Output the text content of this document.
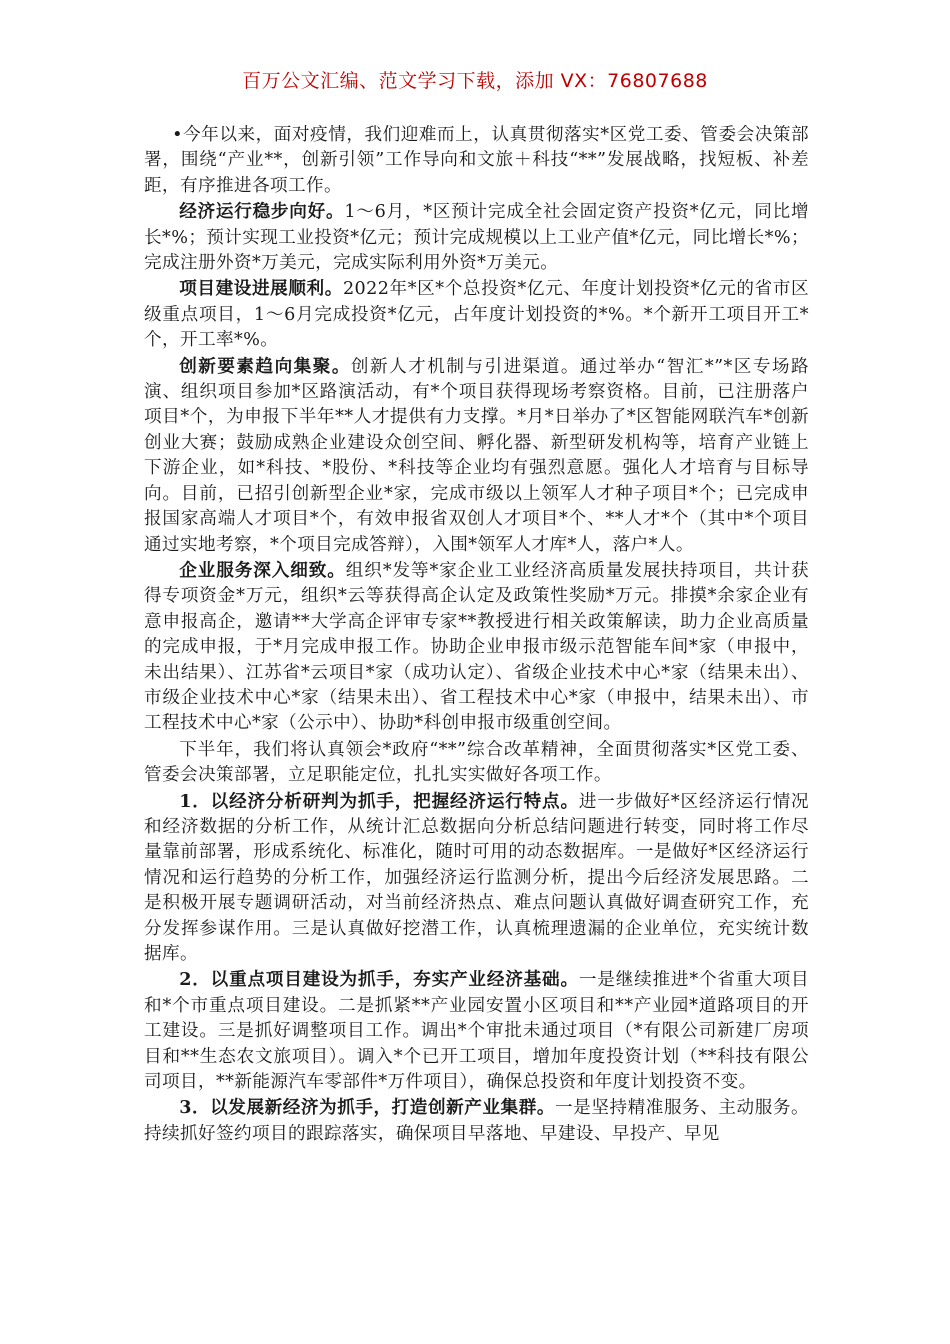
百万公文汇编、范文学习下载，添加 VX：76807688

•今年以来，面对疫情，我们迎难而上，认真贯彻落实*区党工委、管委会决策部署，围绕“产业**，创新引领”工作导向和文旅＋科技“**”发展战略，找短板、补差距，有序推进各项工作。

经济运行稳步向好。1～6月，*区预计完成全社会固定资产投资*亿元，同比增长*%；预计实现工业投资*亿元；预计完成规模以上工业产值*亿元，同比增长*%；完成注册外资*万美元，完成实际利用外资*万美元。

项目建设进展顺利。2022年*区*个总投资*亿元、年度计划投资*亿元的省市区级重点项目，1～6月完成投资*亿元，占年度计划投资的*%。*个新开工项目开工*个，开工率*%。

创新要素趋向集聚。创新人才机制与引进渠道。通过举办“智汇*”*区专场路演、组织项目参加*区路演活动，有*个项目获得现场考察资格。目前，已注册落户项目*个，为申报下半年**人才提供有力支撑。*月*日举办了*区智能网联汽车*创新创业大赛；鼓励成熟企业建设众创空间、孵化器、新型研发机构等，培育产业链上下游企业，如*科技、*股份、*科技等企业均有强烈意愿。强化人才培育与目标导向。目前，已招引创新型企业*家，完成市级以上领军人才种子项目*个；已完成申报国家高端人才项目*个，有效申报省双创人才项目*个、**人才*个（其中*个项目通过实地考察，*个项目完成答辩），入围*领军人才库*人，落户*人。

企业服务深入细致。组织*发等*家企业工业经济高质量发展扶持项目，共计获得专项资金*万元，组织*云等获得高企认定及政策性奖励*万元。排摸*余家企业有意申报高企，邀请**大学高企评审专家**教授进行相关政策解读，助力企业高质量的完成申报，于*月完成申报工作。协助企业申报市级示范智能车间*家（申报中，未出结果）、江苏省*云项目*家（成功认定）、省级企业技术中心*家（结果未出）、市级企业技术中心*家（结果未出）、省工程技术中心*家（申报中，结果未出）、市工程技术中心*家（公示中）、协助*科创申报市级重创空间。

下半年，我们将认真领会*政府“**”综合改革精神，全面贯彻落实*区党工委、管委会决策部署，立足职能定位，扎扎实实做好各项工作。

1．以经济分析研判为抓手，把握经济运行特点。进一步做好*区经济运行情况和经济数据的分析工作，从统计汇总数据向分析总结问题进行转变，同时将工作尽量靠前部署，形成系统化、标准化，随时可用的动态数据库。一是做好*区经济运行情况和运行趋势的分析工作，加强经济运行监测分析，提出今后经济发展思路。二是积极开展专题调研活动，对当前经济热点、难点问题认真做好调查研究工作，充分发挥参谋作用。三是认真做好挖潜工作，认真梳理遗漏的企业单位，充实统计数据库。

2．以重点项目建设为抓手，夯实产业经济基础。一是继续推进*个省重大项目和*个市重点项目建设。二是抓紧**产业园安置小区项目和**产业园*道路项目的开工建设。三是抓好调整项目工作。调出*个审批未通过项目（*有限公司新建厂房项目和**生态农文旅项目）。调入*个已开工项目，增加年度投资计划（**科技有限公司项目，**新能源汽车零部件*万件项目），确保总投资和年度计划投资不变。

3．以发展新经济为抓手，打造创新产业集群。一是坚持精准服务、主动服务。持续抓好签约项目的跟踪落实，确保项目早落地、早建设、早投产、早见
